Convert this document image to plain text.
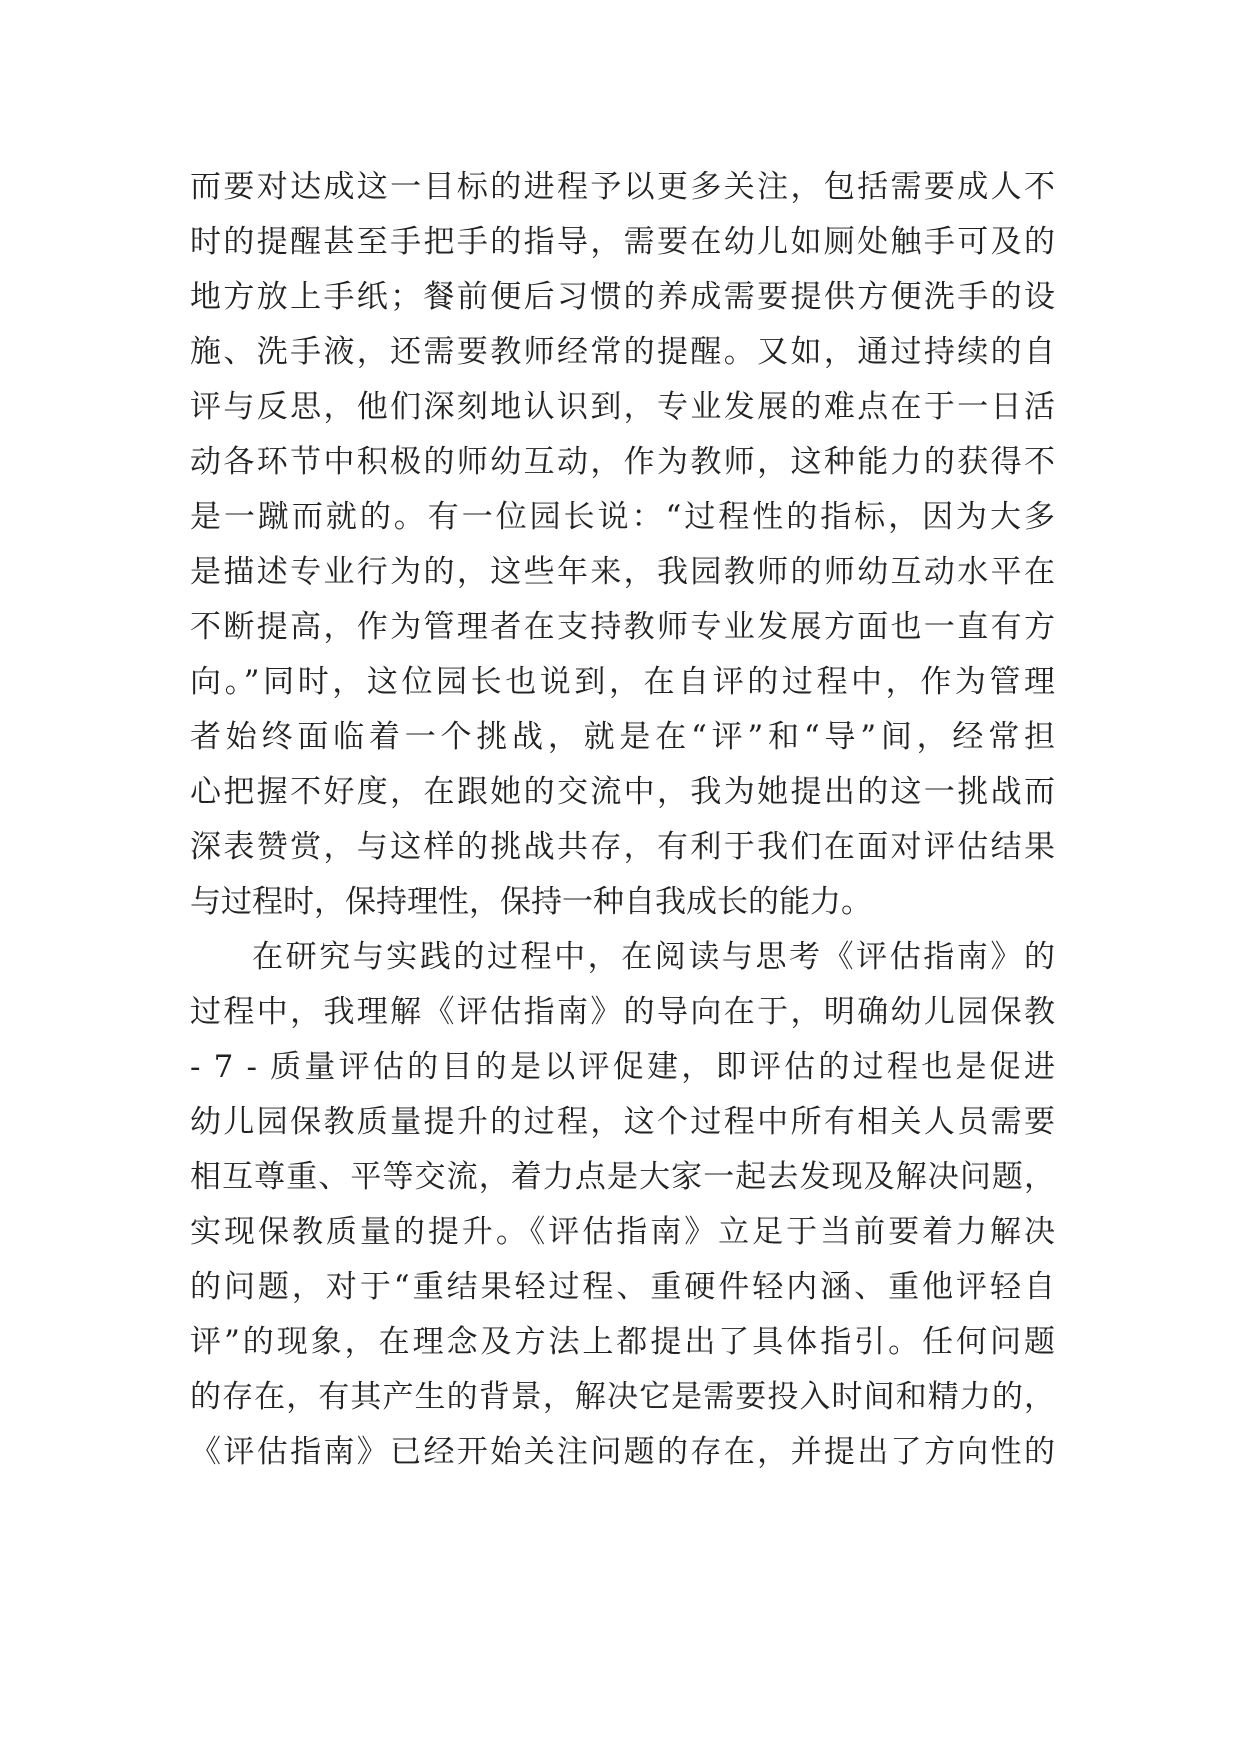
而要对达成这一目标的进程予以更多关注，包括需要成人不
时的提醒甚至手把手的指导，需要在幼儿如厕处触手可及的
地方放上手纸；餐前便后习惯的养成需要提供方便洗手的设
施、洗手液，还需要教师经常的提醒。又如，通过持续的自
评与反思，他们深刻地认识到，专业发展的难点在于一日活
动各环节中积极的师幼互动，作为教师，这种能力的获得不
是一蹴而就的。有一位园长说：“过程性的指标，因为大多
是描述专业行为的，这些年来，我园教师的师幼互动水平在
不断提高，作为管理者在支持教师专业发展方面也一直有方
向。”同时，这位园长也说到，在自评的过程中，作为管理
者始终面临着一个挑战，就是在“评”和“导”间，经常担
心把握不好度，在跟她的交流中，我为她提出的这一挑战而
深表赞赏，与这样的挑战共存，有利于我们在面对评估结果
与过程时，保持理性，保持一种自我成长的能力。
在研究与实践的过程中，在阅读与思考《评估指南》的
过程中，我理解《评估指南》的导向在于，明确幼儿园保教
- 7 - 质量评估的目的是以评促建，即评估的过程也是促进
幼儿园保教质量提升的过程，这个过程中所有相关人员需要
相互尊重、平等交流，着力点是大家一起去发现及解决问题，
实现保教质量的提升。《评估指南》立足于当前要着力解决
的问题，对于“重结果轻过程、重硬件轻内涵、重他评轻自
评”的现象，在理念及方法上都提出了具体指引。任何问题
的存在，有其产生的背景，解决它是需要投入时间和精力的，
《评估指南》已经开始关注问题的存在，并提出了方向性的
